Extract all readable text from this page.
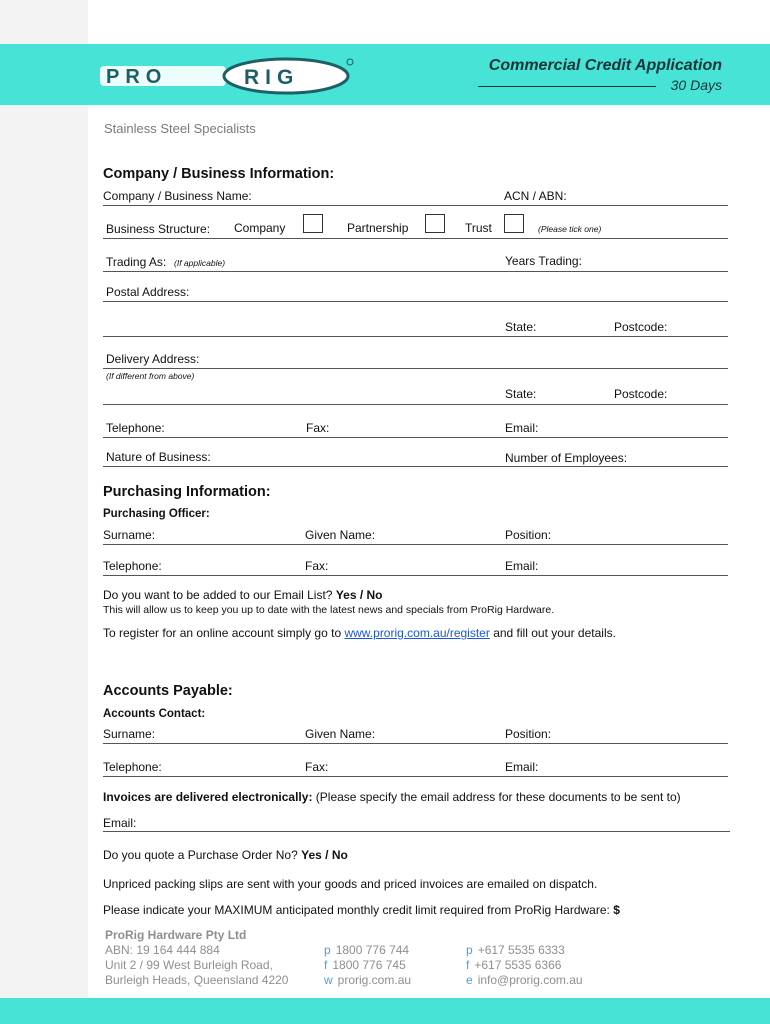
PRO	RIG
Commercial Credit Application
30 Days
Stainless Steel Specialists
Company / Business Information:
Company / Business Name:	ACN / ABN:
Business Structure: Company	Partnership	Trust	(Please tick one)
Trading As: (If applicable)	Years Trading:
Postal Address:
State:	Postcode:
Delivery Address:
(If different from above)
State:	Postcode:
Telephone:	Fax:	Email:
Nature of Business:	Number of Employees:
Purchasing Information:
Purchasing Officer:
Surname:	Given Name:	Position:
Telephone:	Fax:	Email:
Do you want to be added to our Email List? Yes / No
This will allow us to keep you up to date with the latest news and specials from ProRig Hardware.
To register for an online account simply go to www.prorig.com.au/register and fill out your details.
Accounts Payable:
Accounts Contact:
Surname:	Given Name:	Position:
Telephone:	Fax:	Email:
Invoices are delivered electronically: (Please specify the email address for these documents to be sent to)
Email:
Do you quote a Purchase Order No? Yes / No
Unpriced packing slips are sent with your goods and priced invoices are emailed on dispatch.
Please indicate your MAXIMUM anticipated monthly credit limit required from ProRig Hardware: $
ProRig Hardware Pty Ltd
ABN: 19 164 444 884
Unit 2 / 99 West Burleigh Road,
Burleigh Heads, Queensland 4220
p 1800 776 744
f 1800 776 745
w prorig.com.au
p +617 5535 6333
f +617 5535 6366
e info@prorig.com.au
